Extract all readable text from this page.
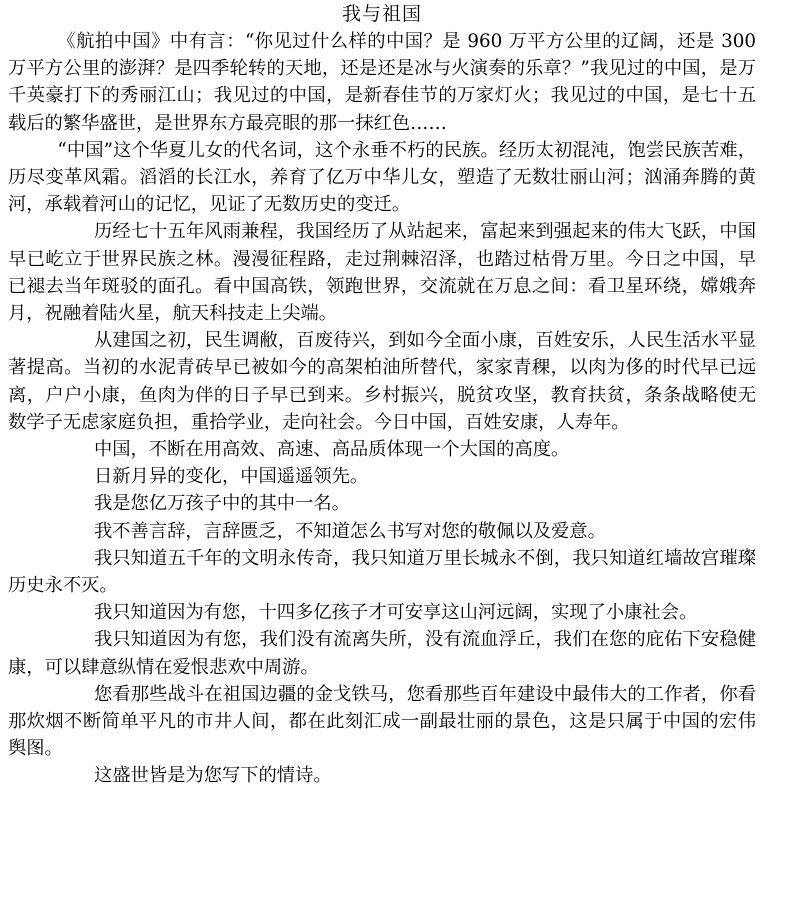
我与祖国

《航拍中国》中有言：“你见过什么样的中国？是 960 万平方公里的辽阔，还是 300 万平方公里的澎湃？是四季轮转的天地，还是还是冰与火演奏的乐章？”我见过的中国，是万千英豪打下的秀丽江山；我见过的中国，是新春佳节的万家灯火；我见过的中国，是七十五载后的繁华盛世，是世界东方最亮眼的那一抹红色……

“中国”这个华夏儿女的代名词，这个永垂不朽的民族。经历太初混沌，饱尝民族苦难，历尽变革风霜。滔滔的长江水，养育了亿万中华儿女，塑造了无数壮丽山河；汹涌奔腾的黄河，承载着河山的记忆，见证了无数历史的变迁。

历经七十五年风雨兼程，我国经历了从站起来，富起来到强起来的伟大飞跃，中国早已屹立于世界民族之林。漫漫征程路，走过荆棘沼泽，也踏过枯骨万里。今日之中国，早已褪去当年斑驳的面孔。看中国高铁，领跑世界，交流就在万息之间：看卫星环绕，嫦娥奔月，祝融着陆火星，航天科技走上尖端。

从建国之初，民生调敝，百废待兴，到如今全面小康，百姓安乐，人民生活水平显著提高。当初的水泥青砖早已被如今的高架柏油所替代，家家青稞，以肉为侈的时代早已远离，户户小康，鱼肉为伴的日子早已到来。乡村振兴，脱贫攻坚，教育扶贫，条条战略使无数学子无虑家庭负担，重拾学业，走向社会。今日中国，百姓安康，人寿年。

中国，不断在用高效、高速、高品质体现一个大国的高度。

日新月异的变化，中国遥遥领先。

我是您亿万孩子中的其中一名。

我不善言辞，言辞匮乏，不知道怎么书写对您的敬佩以及爱意。

我只知道五千年的文明永传奇，我只知道万里长城永不倒，我只知道红墙故宫璀璨历史永不灭。

我只知道因为有您，十四多亿孩子才可安享这山河远阔，实现了小康社会。

我只知道因为有您，我们没有流离失所，没有流血浮丘，我们在您的庇佑下安稳健康，可以肆意纵情在爱恨悲欢中周游。

您看那些战斗在祖国边疆的金戈铁马，您看那些百年建设中最伟大的工作者，你看那炊烟不断简单平凡的市井人间，都在此刻汇成一副最壮丽的景色，这是只属于中国的宏伟舆图。

这盛世皆是为您写下的情诗。
